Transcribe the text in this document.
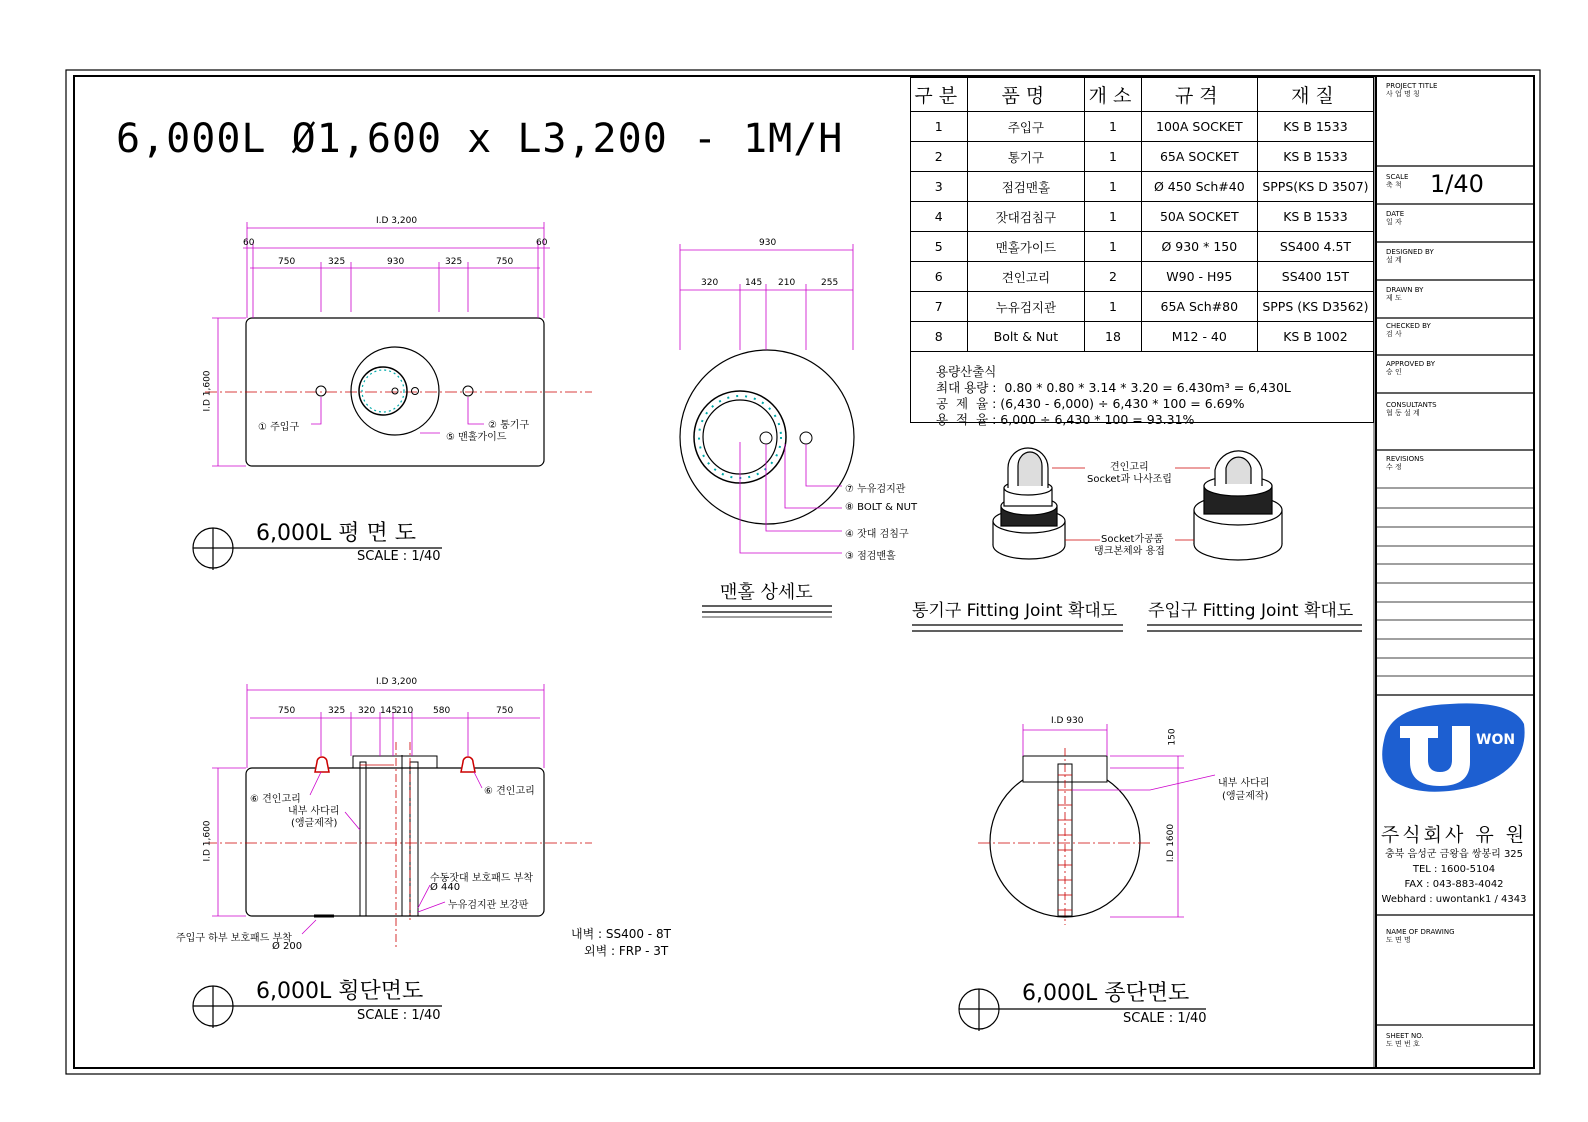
6,000L Ø1,600 x L3,200 - 1M/H
구분	품명	개소	규격	재질
1	주입구	1	100A SOCKET	KS B 1533
2	통기구	1	65A SOCKET	KS B 1533
3	점검맨홀	1	Ø 450 Sch#40	SPPS(KS D 3507)
4	잣대검침구	1	50A SOCKET	KS B 1533
5	맨홀가이드	1	Ø 930 * 150	SS400 4.5T
6	견인고리	2	W90 - H95	SS400 15T
7	누유검지관	1	65A Sch#80	SPPS (KS D3562)
8	Bolt & Nut	18	M12 - 40	KS B 1002

용량산출식
최대 용량 :  0.80 * 0.80 * 3.14 * 3.20 = 6.430m³ = 6,430L
공  제  율 : (6,430 - 6,000) ÷ 6,430 * 100 = 6.69%
용  적  율 : 6,000 ÷ 6,430 * 100 = 93.31%
I.D 3,200
60	60
750	325	930	325	750
I.D 1,600
① 주입구	② 통기구
⑤ 맨홀가이드
6,000L 평 면 도
SCALE : 1/40
930
320	145 210	255
⑦ 누유검지관
⑧ BOLT & NUT
④ 잣대 검침구
③ 점검맨홀
맨홀 상세도
견인고리
Socket과 나사조립
Socket가공품
탱크본체와 용접
통기구 Fitting Joint 확대도 주입구 Fitting Joint 확대도
I.D 3,200
750	325 320 145
210 580	750
I.D 1,600
⑥ 견인고리
⑥ 견인고리
내부 사다리
(앵글제작)
수동잣대 보호패드 부착
Ø 440
누유검지관 보강판
주입구 하부 보호패드 부착
Ø 200
내벽 : SS400 - 8T
외벽 : FRP - 3T
6,000L 횡단면도
SCALE : 1/40
I.D 930
150
I.D 1600
내부 사다리
(앵글제작)
6,000L 종단면도
SCALE : 1/40
PROJECT TITLE
사 업 명 칭
SCALE
축 척 1/40
DATE
일 자
DESIGNED BY
설 계
DRAWN BY
제 도
CHECKED BY
검 사
APPROVED BY
승 인
CONSULTANTS
협 동 설 계
REVISIONS
수 정
WON
주식회사 유 원
충북 음성군 금왕읍 쌍봉리 325
TEL : 1600-5104
FAX : 043-883-4042
Webhard : uwontank1 / 4343
NAME OF DRAWING
도 면 명
SHEET NO.
도 면 번 호
